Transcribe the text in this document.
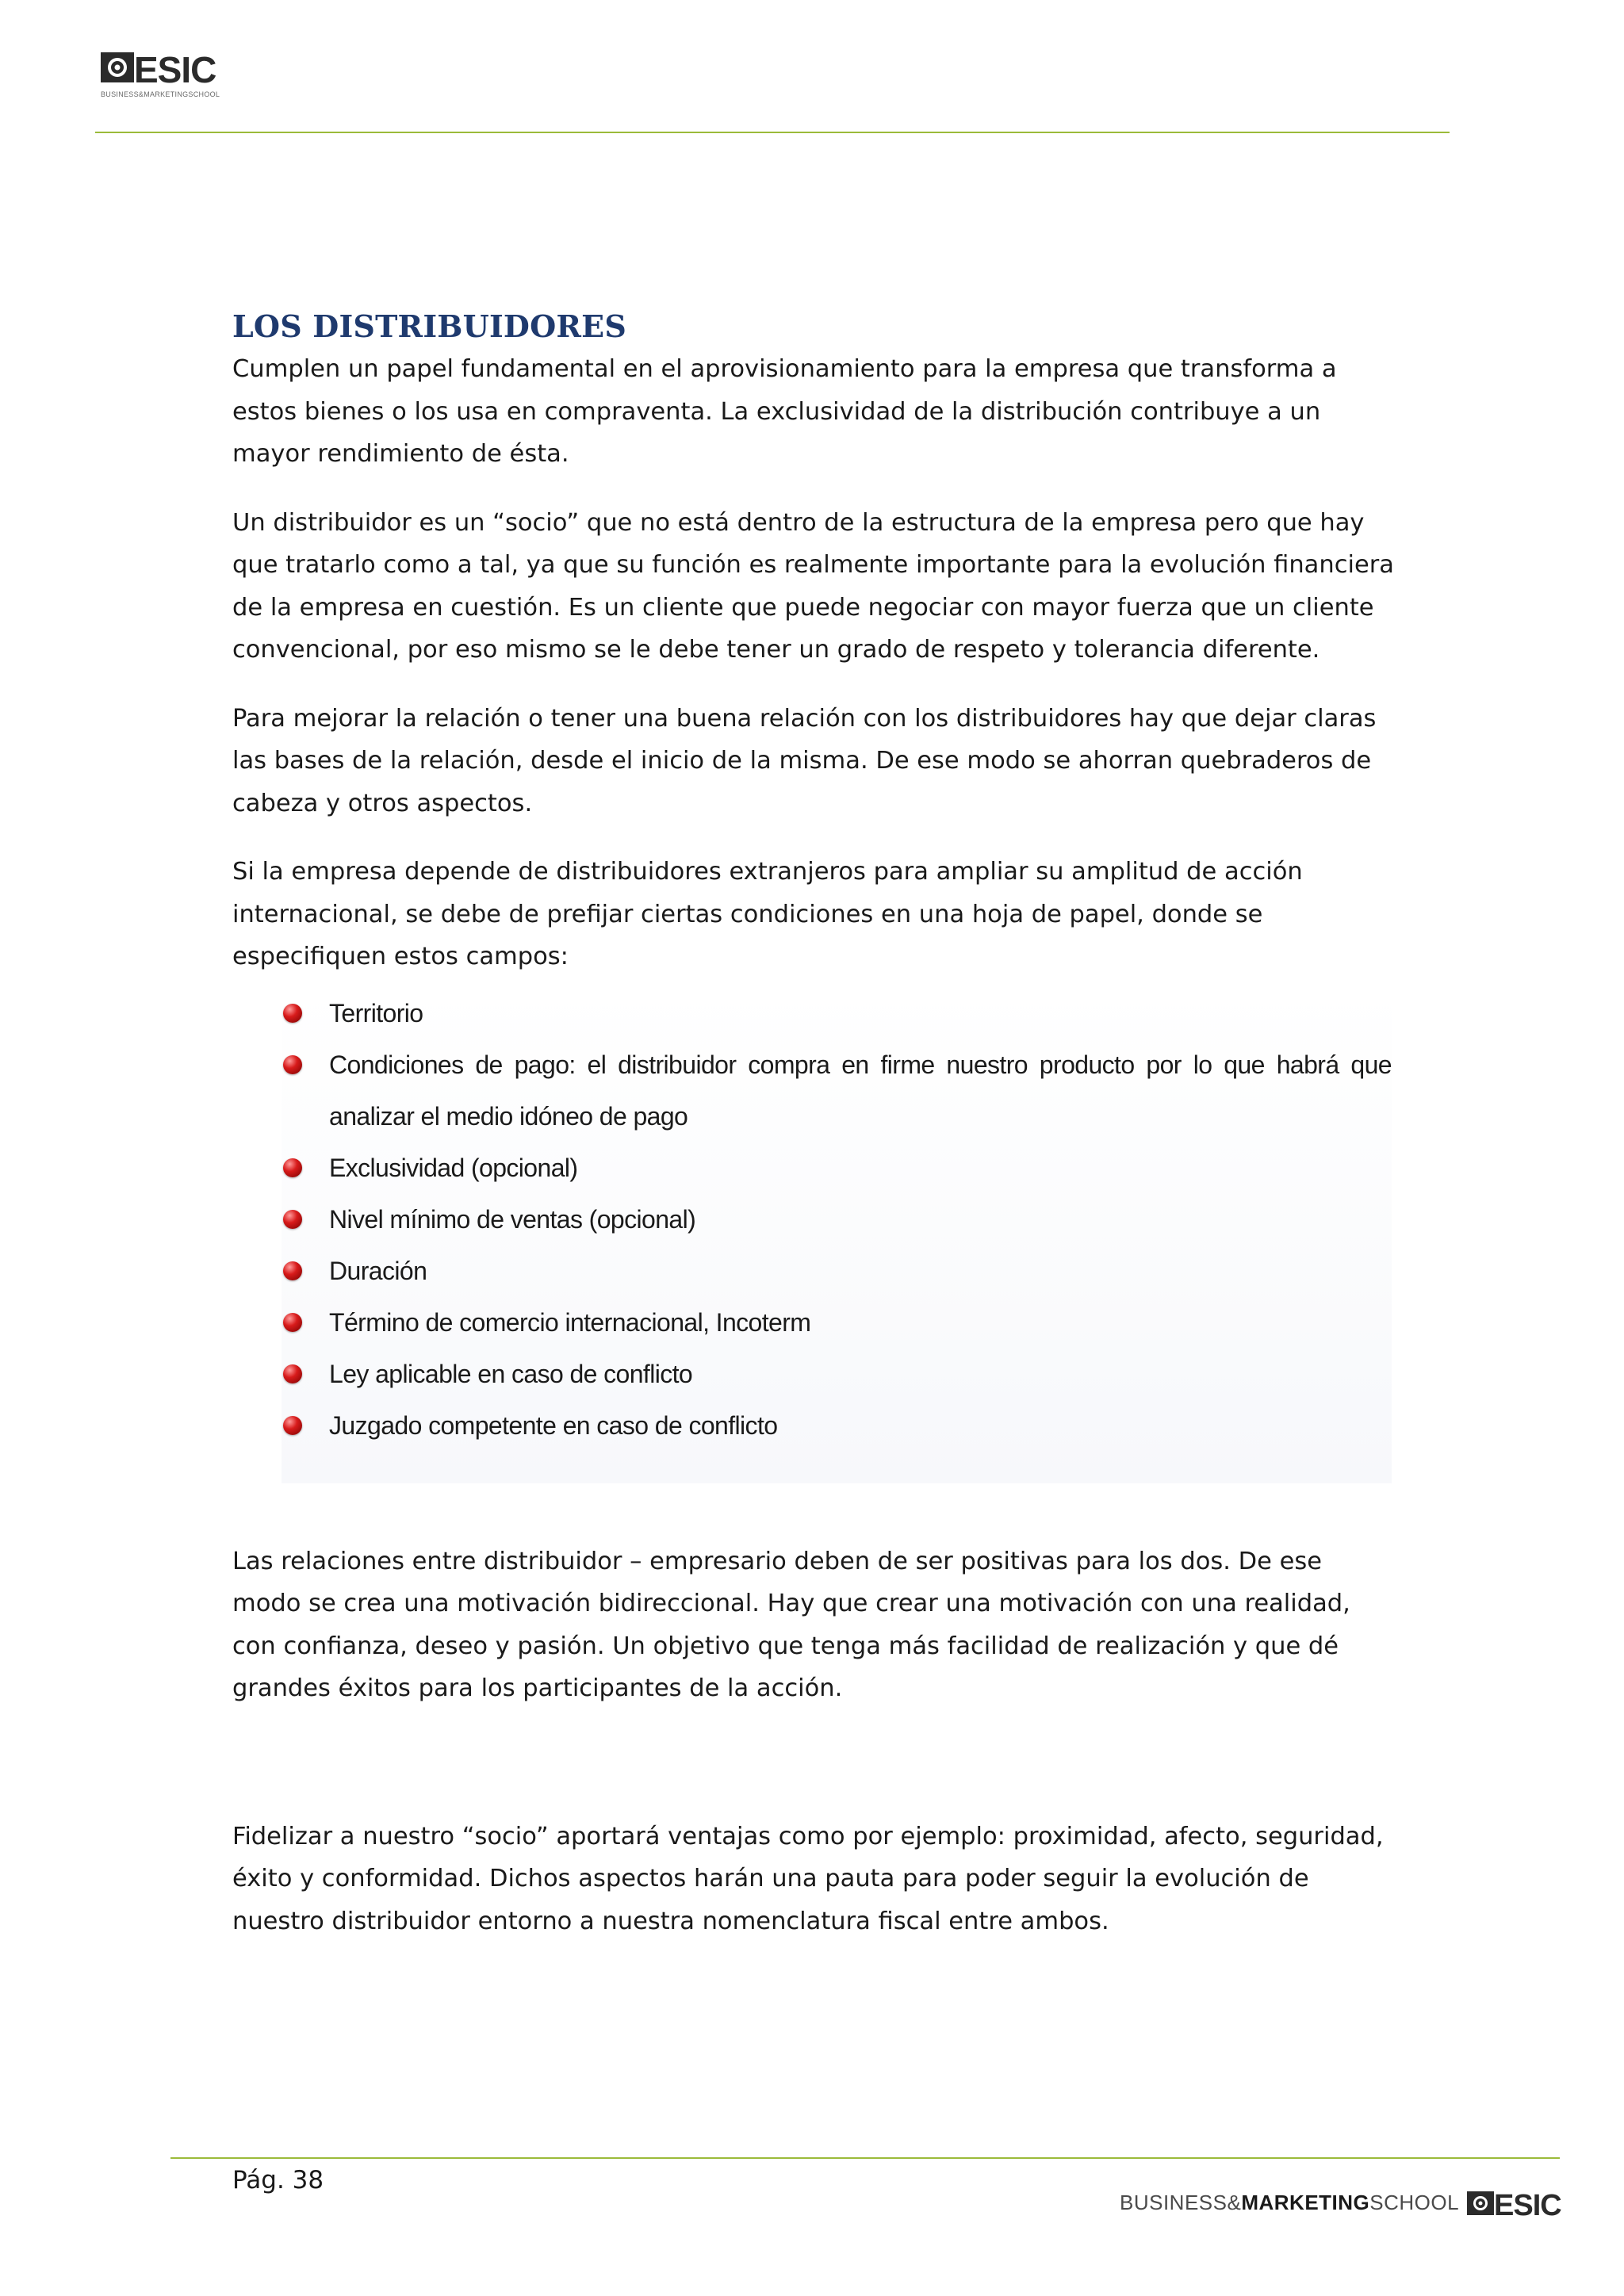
ESIC
BUSINESS&MARKETINGSCHOOL
LOS DISTRIBUIDORES

Cumplen un papel fundamental en el aprovisionamiento para la empresa que transforma a estos bienes o los usa en compraventa. La exclusividad de la distribución contribuye a un mayor rendimiento de ésta.

Un distribuidor es un “socio” que no está dentro de la estructura de la empresa pero que hay que tratarlo como a tal, ya que su función es realmente importante para la evolución financiera de la empresa en cuestión. Es un cliente que puede negociar con mayor fuerza que un cliente convencional, por eso mismo se le debe tener un grado de respeto y tolerancia diferente.

Para mejorar la relación o tener una buena relación con los distribuidores hay que dejar claras las bases de la relación, desde el inicio de la misma. De ese modo se ahorran quebraderos de cabeza y otros aspectos.

Si la empresa depende de distribuidores extranjeros para ampliar su amplitud de acción internacional, se debe de prefijar ciertas condiciones en una hoja de papel, donde se especifiquen estos campos:

Territorio
Condiciones de pago: el distribuidor compra en firme nuestro producto por lo que habrá que analizar el medio idóneo de pago
Exclusividad (opcional)
Nivel mínimo de ventas (opcional)
Duración
Término de comercio internacional, Incoterm
Ley aplicable en caso de conflicto
Juzgado competente en caso de conflicto

Las relaciones entre distribuidor – empresario deben de ser positivas para los dos. De ese modo se crea una motivación bidireccional. Hay que crear una motivación con una realidad, con confianza, deseo y pasión. Un objetivo que tenga más facilidad de realización y que dé grandes éxitos para los participantes de la acción.

Fidelizar a nuestro “socio” aportará ventajas como por ejemplo: proximidad, afecto, seguridad, éxito y conformidad. Dichos aspectos harán una pauta para poder seguir la evolución de nuestro distribuidor entorno a nuestra nomenclatura fiscal entre ambos.

Pág. 38
BUSINESS&MARKETINGSCHOOL ESIC
